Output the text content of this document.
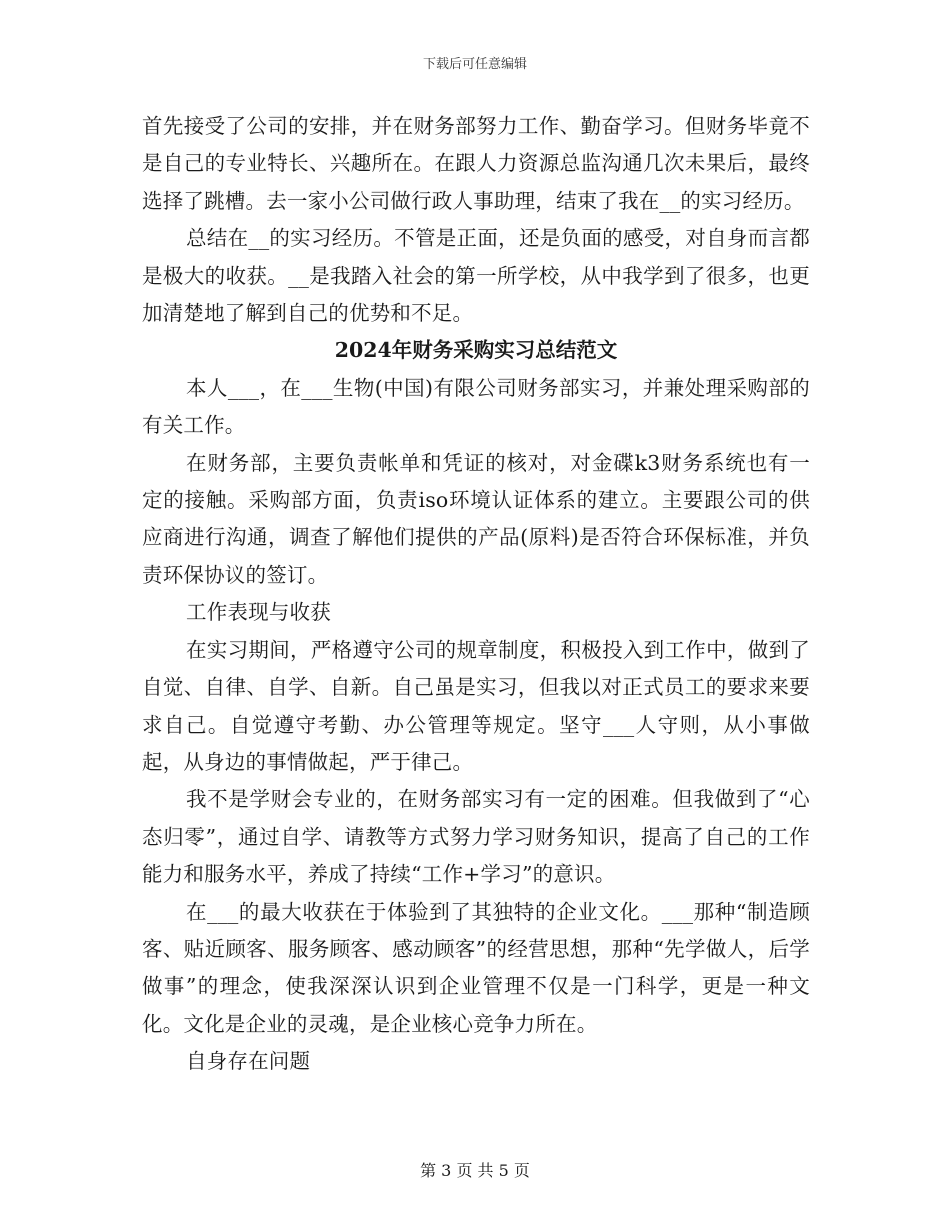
下载后可任意编辑

首先接受了公司的安排，并在财务部努力工作、勤奋学习。但财务毕竟不是自己的专业特长、兴趣所在。在跟人力资源总监沟通几次未果后，最终选择了跳槽。去一家小公司做行政人事助理，结束了我在__的实习经历。

总结在__的实习经历。不管是正面，还是负面的感受，对自身而言都是极大的收获。__是我踏入社会的第一所学校，从中我学到了很多，也更加清楚地了解到自己的优势和不足。

2024年财务采购实习总结范文

本人___，在___生物(中国)有限公司财务部实习，并兼处理采购部的有关工作。

在财务部，主要负责帐单和凭证的核对，对金碟k3财务系统也有一定的接触。采购部方面，负责iso环境认证体系的建立。主要跟公司的供应商进行沟通，调查了解他们提供的产品(原料)是否符合环保标准，并负责环保协议的签订。

工作表现与收获

在实习期间，严格遵守公司的规章制度，积极投入到工作中，做到了自觉、自律、自学、自新。自己虽是实习，但我以对正式员工的要求来要求自己。自觉遵守考勤、办公管理等规定。坚守___人守则，从小事做起，从身边的事情做起，严于律己。

我不是学财会专业的，在财务部实习有一定的困难。但我做到了“心态归零”，通过自学、请教等方式努力学习财务知识，提高了自己的工作能力和服务水平，养成了持续“工作+学习”的意识。

在___的最大收获在于体验到了其独特的企业文化。___那种“制造顾客、贴近顾客、服务顾客、感动顾客”的经营思想，那种“先学做人，后学做事”的理念，使我深深认识到企业管理不仅是一门科学，更是一种文化。文化是企业的灵魂，是企业核心竞争力所在。

自身存在问题

第 3 页 共 5 页
